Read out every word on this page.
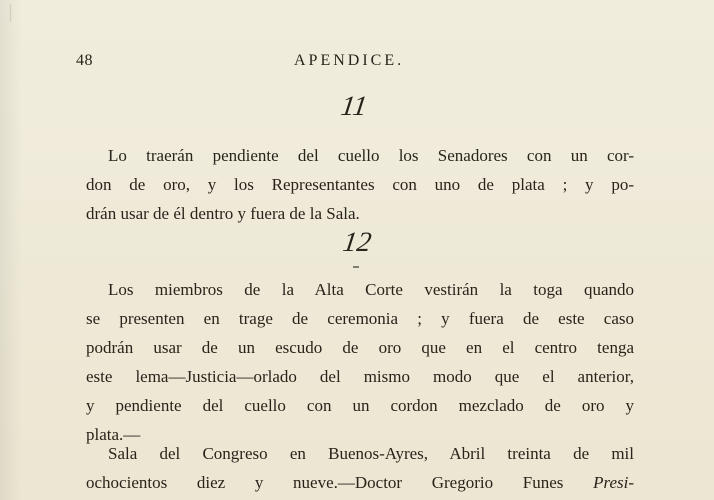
∣
48	APENDICE.
11
Lo traerán pendiente del cuello los Senadores con un cor-
don de oro, y los Representantes con uno de plata ; y po-
drán usar de él dentro y fuera de la Sala.
12
Los miembros de la Alta Corte vestirán la toga quando
se presenten en trage de ceremonia ; y fuera de este caso
podrán usar de un escudo de oro que en el centro tenga
este lema—Justicia—orlado del mismo modo que el anterior,
y pendiente del cuello con un cordon mezclado de oro y
plata.—
Sala del Congreso en Buenos-Ayres, Abril treinta de mil
ochocientos diez y nueve.—Doctor Gregorio Funes Presi-
